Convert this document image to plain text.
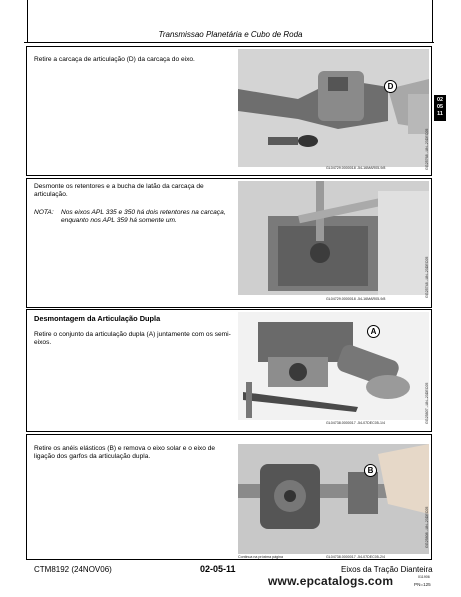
Transmissao Planetária e Cubo de Roda
02
05
11
Retire a carcaça de articulação (D) da carcaça do eixo.
D
GL04729.0000018 -54-16MAR05-9/8	GG25768 –UN–23DEC05
Desmonte os retentores e a bucha de latão da carcaça de articulação.
NOTA:	Nos eixos APL 335 e 350 há dois retentores na carcaça, enquanto nos APL 359 há somente um.
GL04729.0000018 -54-16MAR05-9/8
GG25748 –UN–23DEC05
Desmontagem da Articulação Dupla
Retire o conjunto da articulação dupla (A) juntamente com os semi-eixos.
A
GL04738.0000017 -54-07DEC05-1/4	GG25807 –UN–23DEC05
Retire os anéis elásticos (B) e remova o eixo solar e o eixo de ligação dos garfos da articulação dupla.
B
Continua na próxima página	GL04738.0000017 -54-07DEC05-2/4
GG25808 –UN–23DEC05
CTM8192 (24NOV06)	02-05-11	Eixos da Tração Dianteira
011906
www.epcatalogs.com	PN=125
